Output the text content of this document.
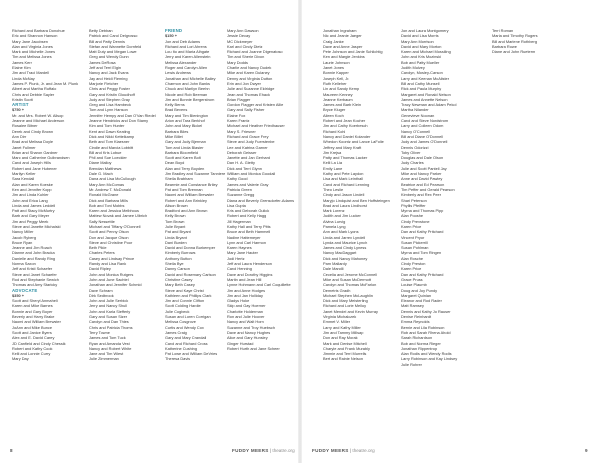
Richard and Barbara Donohue
Eric and Shannon Hanson
Mary Jane Jacobsen
Alan and Virginia Jones
Mark and Michelle Jones
Tim and Melissa Jones
James Kerr
Elaine Kim
Jim and Traci Mardell
Linda McNay
James P. Plunk, Jr. and Jean M. Plunk
Albert and Martha Ruffalo
Chris and Debbie Sayler
Kristin Scott
ARTIST
$750 +
Mr. and Mrs. Robert W. Allsop
Jeanne and Michael Anderson
Rosalee Bitner
Derek and Cindy Brown
Ann Dirr
Brad and Melissa Doyle
Janet Fullmer
Brian and Sharon Gardner
Marc and Catherine Gulbrandsen
Carol and Joseph Hills
Robert and Jane Hubener
Marilyn Keller
Sara Kendall
Alan and Karen Koeske
Ken and Jennifer Kopp
Jim and Linda Kuhler
John and Erica Lang
Linda and James Leddell
Patt and Stacy McMurtry
Barb and Gary Meyer
Jim and Peggy Meek
Steve and Janette Michalski
Nancy Miller
Jacob Ryberg
Bruce Ryan
Jeanne and Jim Roach
Dianne and John Bracka
Danielle and Randy Ring
Norma Saxon
Jeff and Kristi Schaefer
Steve and Janet Schaefer
Rod and Stephanie Sewich
Thomas and Amy Staricky
ADVOCATE
$350 +
Scott and Sheryl Anmaheli
Karen and Mike Barnes
Bonnie and Gary Boyer
Beverly and Harry Brake
Naomi and William Brewster
JoAnn and Mike Bunce
Scott and Janice Byers
Alex and E. David Carey
JD Canfield and Cindy Chessik
Robert and Kathy Cook
Kelli and Lonnie Curry
Mary Day
Betty Debban
Patrick and Carol Delgrosso
Bill and Patty Dennis
Stefan and Wannette Dornfeld
Matt Duty and Megan Lowe
Greg and Wendy Dunn
James DeRosa
Jeff and Terri Elgin
Nancy and Jack Evans
Jay and Heidi Fleming
Marjorie Fletcher
Chris and Peggy Foster
Gary and Kristin Gloudhoff
Judy and Stephen Gray
Greg and Lisa Hambeck
Tom and Lynn Hanson
Jennifer Hempy and Dan O'Van Riedel
Jeanne Hendricks and Don Stamy
Kim and Tom Hunter
Kent and Dawn Keating
Dick and Nikki Kettelkamp
Beth and Tom Klaesner
Cindie and Marcia Lobbitt
Bill and Kris Lobue
Phil and Sue Loeckler
Diane Malloy
Brendan Matthews
Dale G. Mach
Dana and Lisa McCullough
Mary Ann McComas
Mr. Andrew T. McDonald
Ronald McGrane
Dick and Barbara Mills
Bob and Toni Mobbs
Karen and Jessica Melbhous
Mattew Novak and Jamee Ulbrich
Sally Nessettle
Michael and Tiffany O'Donnell
Scott and Penny Olson
Don and Jacque Olson
Steve and Christine Poor
Beth Pikle
Charles Peters
Casey and Lindsay Prince
Randy and Lisa Rank
David Ripley
John and Monica Rutgers
John and June Sachtel
Jonathan and Jennifer Schmid
Dave Schram
Dirk Sedbrook
John and Julie Serbick
Jerry and Nancy Shull
John and Karla Siefferly
Gary and Susan Sizer
Carolyn and Dan Thies
Chris and Patricia Thoms
Terry Towne
James and Tom Tuck
Ryan and Amanda Vest
Nancy and Robert White
Jane and Tim Wiest
Julie Zimmerman
FRIEND
$150 +
Jon and Deb Adams
Richard and Lori Ahrens
Lou Ito and Maria Alhgate
Jerry and Karen Allenstein
Melissa Alexander
Roger and Carolyn Allen
Lewis Andrews
Jonathan and Michelle Bailey
Charmon and John Banks
Chuck and Marilyn Beehn
Nicole and Rob Beeman
Jim and Bonnie Bergerstrom
Kelly Berns
Brad Bevens
Mary and Tim Bienington
Arion and Tara Berkhof
John and Mary Bickel
Barbara Biles
Mike Billet
Gary and Judy Bjerman
Tom and Linda Blasier
Barbara Bloomfield
Scott and Karen Bolt
Dean Boyd
Alan and Terry Boyden
Jim Bradley and Suzanne Tanniere
Sheila Brabham
Bearmie and Constance Briley
Pat and Tom Brennan
Naomi and William Brewster
Robert and Ann Brinkley
Alison Brown
Bradford and Ann Brown
Kelly Brown
Tom Brown
Julie Bryant
Pat and Bryant
Linda Bryant
Dani Burden
David and Donna Burkemper
Kimberly Burrows
Anthony Button
Sheila Bye
Danny Carson
David and Rosemary Carlson
Christine Casey
Mary Beth Casey
Steve and Kaye Christ
Kathleen and Phillips Clark
Jim and Connie Clifton
Scott Colding Hardie
Julie Cogbeck
Susan and Loren Corrigan
Melissa Cosgrove
Curtis and Wendy Cox
James Craig
Gary and Mary Crandall
Carol and Richard Cross
Katherine Cushing
Pat Lowe and William DeVries
Theresa Davis
Mary Ann Dawson
Jessie Decay
MC Dickmeyer
Karl and Cindy Dietz
Richard and Joanne Digenatoso
Tim and Sherie Dixon
Mary Dodds
Charlie and Nancy Dudek
Mike and Karen Dulaney
Denny and Virginia Dutton
Erin and Jon Dwyer
Julie and Suzanne Eldridge
Jean and Thomas Ehack
Brian Flagger
Gordon Flagger and Kristen Allie
Gary and Sally Fisher
Elaine Fox
Karen Frantz
Michael and Heather Friedhauser
Mary S. Friesner
Richard and Grace Frey
Steve and Judy Fuerstenbe
Lee and Katrina Garner
Deborah Geisser
Janette and Jan Gerhard
Dan H. A. Gietty
Dick and Terri Glynn
William and Monica Goodall
Kathy Good
James and Valerie Gray
Patricia Green
Suzanne Gregg
Diana and Beverly Grensdorfer-Adams
Lisa Gupta
Kris and Deborah Gulick
Robert and Kelly Hagg
Jill Hagerman
Kathy Hall and Terry Pitts
Bruce and Beth Hammell
Nadine Hattemeyer
Lynn and Carl Harmon
Karen Haynes
Mary Jane Hauter
Jodi Hertz
Jeff and Laura Henderson
Carol Henning
Dave and Dorothy Higgins
Martin and Jean Hill
Lynne Hohmann and Carl Coquillette
Jim and Anne Hodges
Jim and Jan Holliday
Gladys Hoke
Skip and Gay Hoerner
Charlotte Holderman
Ron and Julie Hoover
Nancy and Walt Horn
Suzanne and Troy Huebsch
Dave and Nancy Hughes
Alice and Gary Hunsley
Ginger Hurstad
Robert Hurth and Jane Scheer
Jonathan Ingraham
Nic and Jeanie Jaeger
Craig Janke
Dave and Anne Jasper
Pete Johnson and Janie Schlichtig
Ken and Margie Jenkins
Laurie Johnson
Janet Jones
Bonnie Kapper
Joseph Kell, Jr.
Ruth Kelleher
Lin and Sandy Kemp
Maureen Kenney
Jeanne Kerbaum
James and Barb Klein
Bryce Kluger
Aileen Koch
Robert and Jean Kocher
Jim and Cathy Koerbesch
Richard Kohl
Nancy and Daniel Kolander
Whedon Koontz and Lance LaFolie
Jeffrey and Mary Kraft
Jim Krejsa
Patty and Thomas Lacker
Kelli La Lia
Emily Lane
Kathy and Pete Laydon
Lisa and Mark Leinthall
Carol and Richard Lenning
Theo Leslie
Cindy and Jason Lindell
Maryjo Lindquist and Ben Hoffsteingen
Brad and Laura Lindhorst
Mark Lorenz
Judith and Jim Lucker
Alvina Lurvig
Pamela Lyng
Ann and Mark Lyons
Linda and Jarrex Lyndell
Lynda and Maurice Lynch
James and Cindy Lyness
Nancy MacDaggart
Dick and Nancy Mahoney
Pam Mallardy
Dale Mandli
Cecelia and Jerome McConnell
Mike and Susan McDermott
Carolyn and Thomas McFarlon
Demetris Gradh
Michael Stephen McLaughlin
Dick and Mary Meisterling
Richard and Lorie Melloy
Janet Mendel and Kevin Murray
Virginia Michalczek
Emmet V. Miller
Larry and Kathy Miller
Jim and Tammy Millsap
Don and Ray Morak
Mark and Denise Mitchell
Charyle and Frank Murably
Jimmie and Terri Murrells
Bert and Rainie Nelson
Jon and Laura Montgomery
David and Lisa Morris
Mary Ann Morrison
David and Mary Morton
Karen and Michael Mossiling
John and Kris Mozinski
Bob and Patty Mueller
Judith Mulvey
Carolyn, Mosley-Carson
Larry and Keenan McAlister
Bill and Cathy Munsell
Rick and Paula Murphy
Margaret and Ronald Nelson
James and Annette Nelson
Tracy Newman and Adam Pekol
Martha Nilander
Genevieve Noonan
Carol and Steve Nordstrom
Larry and Colleen Odom
Nancy O'Connell
Bill and Diane O'Donnell
Judy and James O'Donnell
Dennis Odorizzi
Toby Oliver
Douglas and Dale Olson
Judy Charles
Julie and Scott Pantell Jay
Mike and Nancy Parker
Anne and David Pawley
Beatrice and Ed Pearson
Tim Peffer and Gerald Pearson
Kimberly and Rex Peer
Shari Peterson
Phyllis Pfeiffer
Myrna and Thomas Pipp
Alan Pooshe
Cindy Prevstone
Karen Price
Dan and Kathy Pritchard
Vincent Pryor
Susan Pickerrill
Susan Pohlman
Myrna and Tom Ringen
Alan Rosche
Cindy Preston
Karen Price
Dan and Kathy Pritchard
Grace Pruss
Louise Plaumb
Doug and Joy Pundy
Margaret Quinlan
Eleanor and Rod Rader
Matt Ramsey
Dennis and Kathy Jo Rauser
Denise Reinhardt
Emma Reynolds
Bernie and Lila Robinson
Rob and Sarah Rhena Ahold
Sarah Richardson
Bob and Norma Rieger
Jonathan Rippentrop
Alan Rodis and Wendy Rodis
Larry Robinson and Kay Lindsey
Julie Rohrer
Terri Roman
Maria and Timothy Rogers
Bill and Marlene Rothberg
Barbara Rowe
Diane and John Rueterm
8	FUDDY MEERS | theatre.org	FUDDY MEERS | theatre.org	9
